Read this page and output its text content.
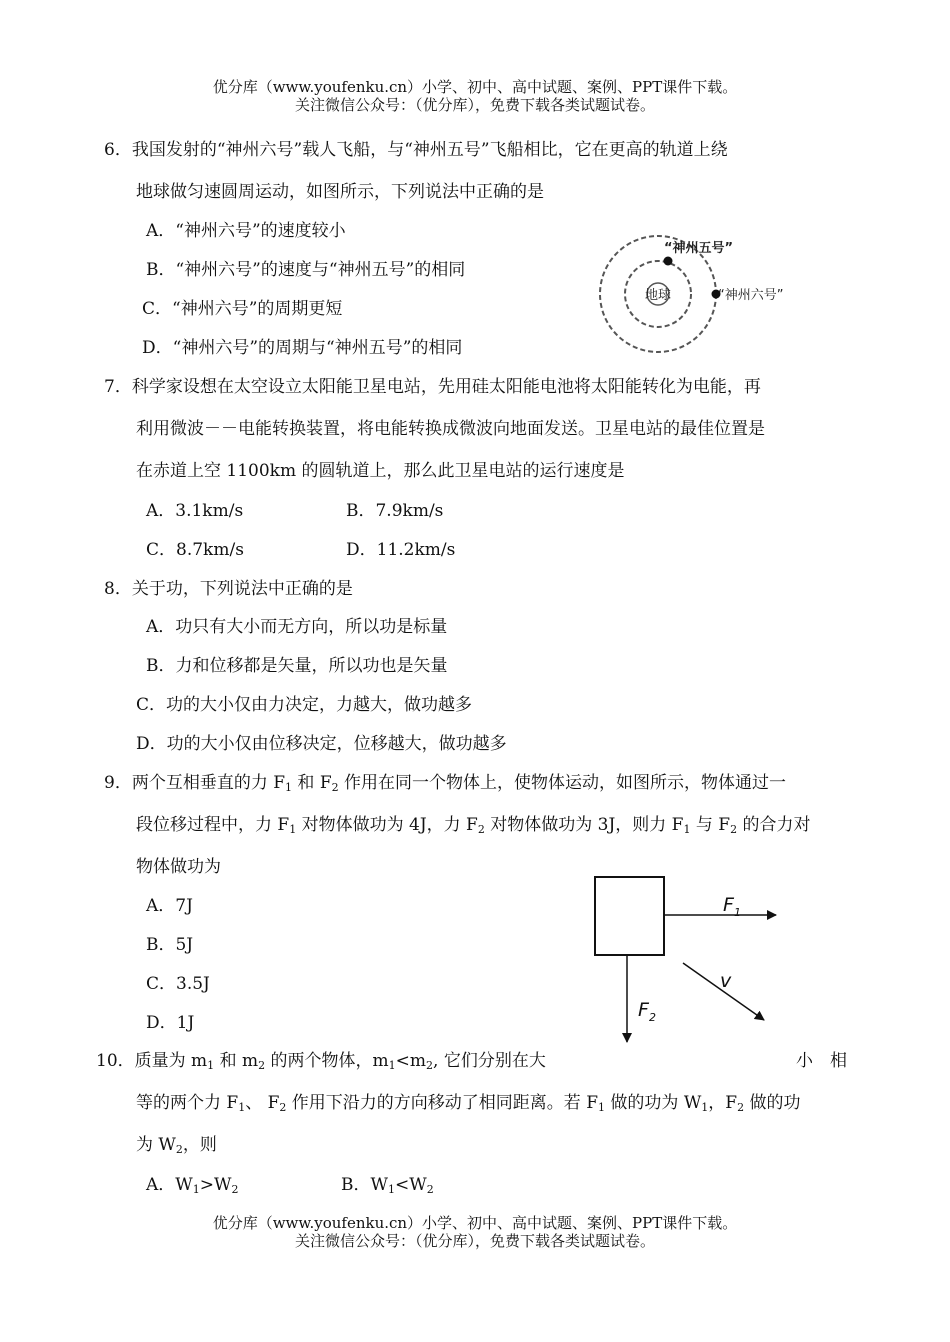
优分库（www.youfenku.cn）小学、初中、高中试题、案例、PPT课件下载。
关注微信公众号：（优分库），免费下载各类试题试卷。
6．我国发射的“神州六号”载人飞船，与“神州五号”飞船相比，它在更高的轨道上绕
地球做匀速圆周运动，如图所示，下列说法中正确的是
A．“神州六号”的速度较小
B．“神州六号”的速度与“神州五号”的相同
C．“神州六号”的周期更短
D．“神州六号”的周期与“神州五号”的相同
地球
“神州五号”
“神州六号”
7．科学家设想在太空设立太阳能卫星电站，先用硅太阳能电池将太阳能转化为电能，再
利用微波－－电能转换装置，将电能转换成微波向地面发送。卫星电站的最佳位置是
在赤道上空 1100km 的圆轨道上，那么此卫星电站的运行速度是
A．3.1km/s	B．7.9km/s
C．8.7km/s	D．11.2km/s
8．关于功，下列说法中正确的是
A．功只有大小而无方向，所以功是标量
B．力和位移都是矢量，所以功也是矢量
C．功的大小仅由力决定，力越大，做功越多
D．功的大小仅由位移决定，位移越大，做功越多
9．两个互相垂直的力 $F_1$ 和 $F_2$ 作用在同一个物体上，使物体运动，如图所示，物体通过一
段位移过程中，力 $F_1$ 对物体做功为 4J，力 $F_2$ 对物体做功为 3J，则力 $F_1$ 与 $F_2$ 的合力对
物体做功为
A．7J
B．5J
C．3.5J
D．1J
$F_1$
$F_2$
v
10．质量为 $m_1$ 和 $m_2$ 的两个物体，$m_1<m_2$, 它们分别在大	小　相
等的两个力 $F_1$、 $F_2$ 作用下沿力的方向移动了相同距离。若 $F_1$ 做的功为 $W_1$，$F_2$ 做的功
为 $W_2$，则
A．$W_1>W_2$	B．$W_1<W_2$
优分库（www.youfenku.cn）小学、初中、高中试题、案例、PPT课件下载。
关注微信公众号：（优分库），免费下载各类试题试卷。
